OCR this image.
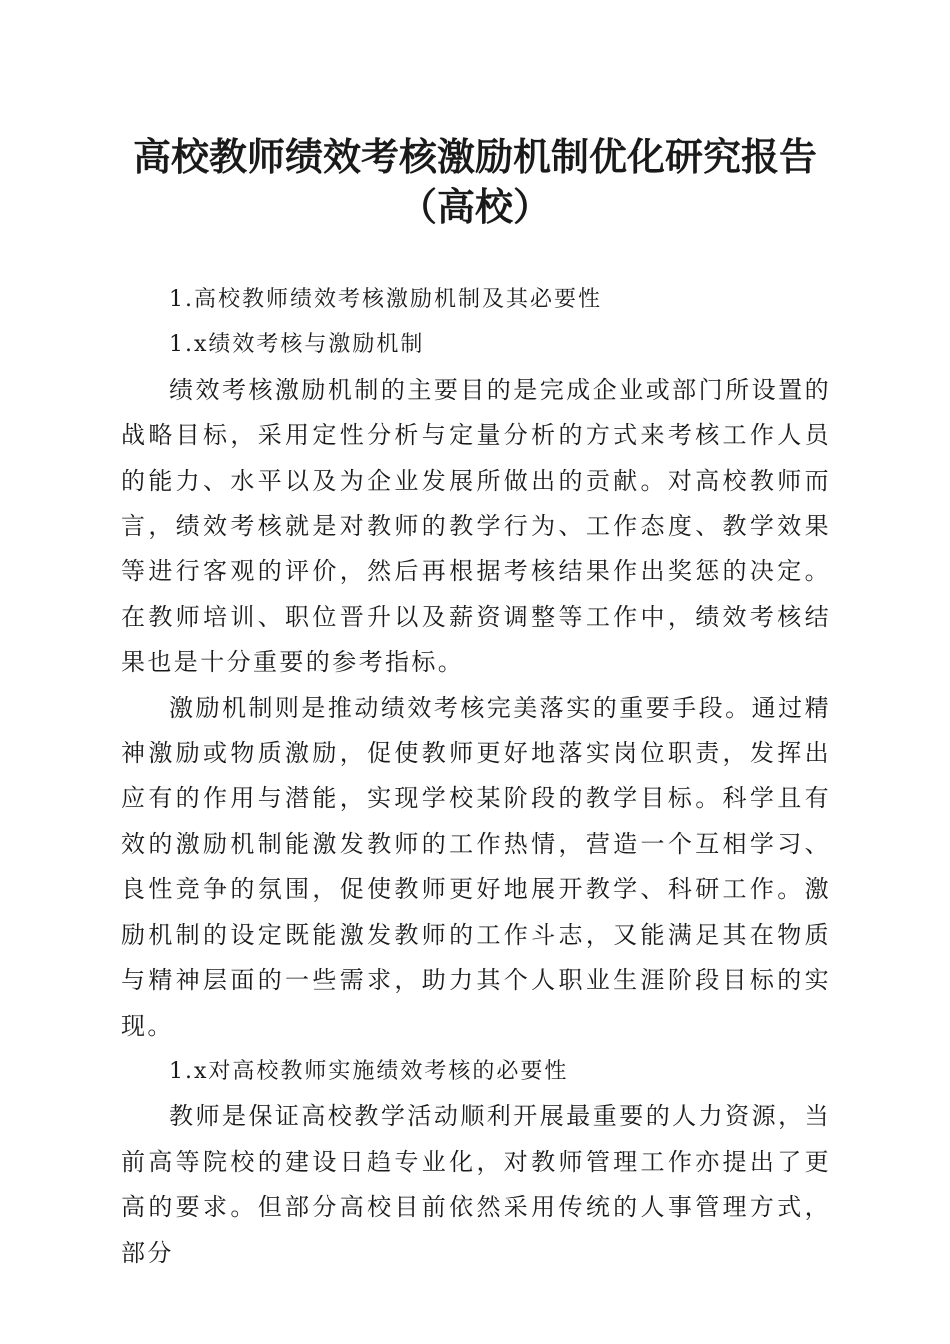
高校教师绩效考核激励机制优化研究报告（高校）

1.高校教师绩效考核激励机制及其必要性

1.x绩效考核与激励机制

绩效考核激励机制的主要目的是完成企业或部门所设置的战略目标，采用定性分析与定量分析的方式来考核工作人员的能力、水平以及为企业发展所做出的贡献。对高校教师而言，绩效考核就是对教师的教学行为、工作态度、教学效果等进行客观的评价，然后再根据考核结果作出奖惩的决定。在教师培训、职位晋升以及薪资调整等工作中，绩效考核结果也是十分重要的参考指标。

激励机制则是推动绩效考核完美落实的重要手段。通过精神激励或物质激励，促使教师更好地落实岗位职责，发挥出应有的作用与潜能，实现学校某阶段的教学目标。科学且有效的激励机制能激发教师的工作热情，营造一个互相学习、良性竞争的氛围，促使教师更好地展开教学、科研工作。激励机制的设定既能激发教师的工作斗志，又能满足其在物质与精神层面的一些需求，助力其个人职业生涯阶段目标的实现。

1.x对高校教师实施绩效考核的必要性

教师是保证高校教学活动顺利开展最重要的人力资源，当前高等院校的建设日趋专业化，对教师管理工作亦提出了更高的要求。但部分高校目前依然采用传统的人事管理方式，部分
